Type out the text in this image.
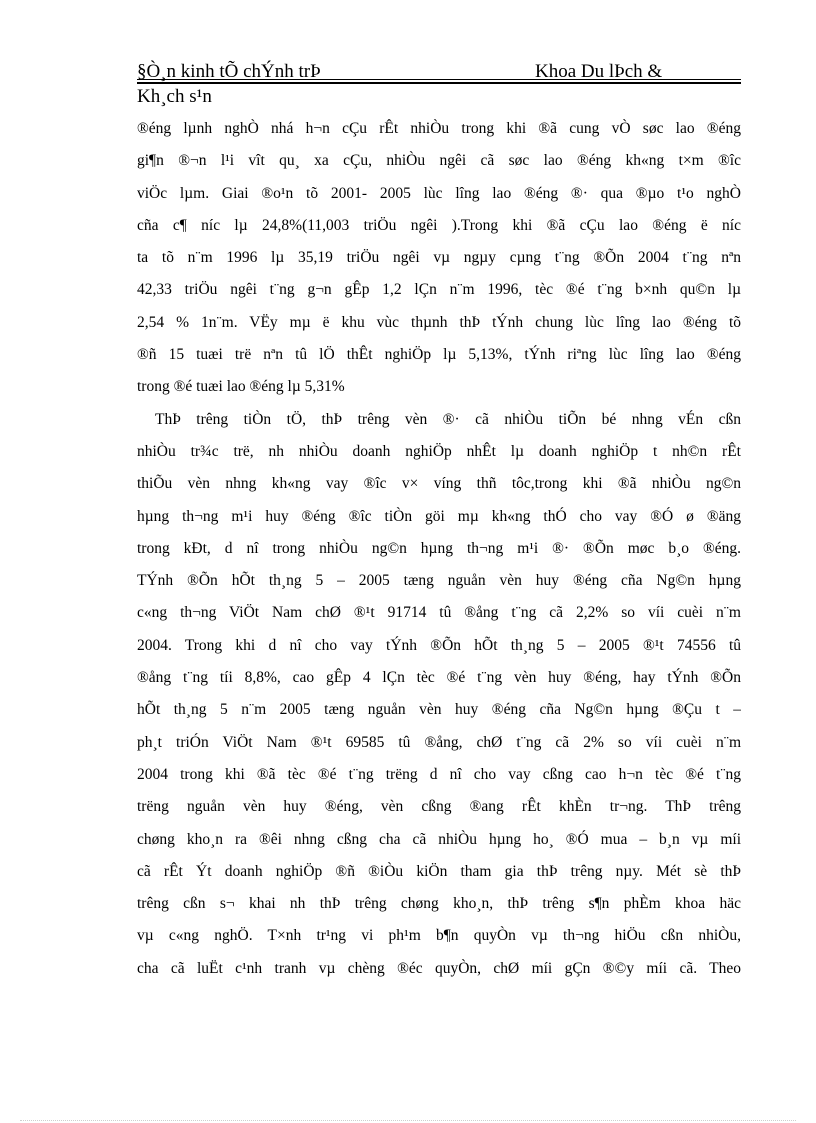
§Ò¸n kinh tÕ chÝnh trÞ	Khoa Du lÞch &
Kh¸ch s¹n
®éng lµnh nghÒ nhá h¬n cÇu rÊt nhiÒu trong khi ®ã cung vÒ søc lao ®éng
gi¶n ®¬n l¹i vît qu¸ xa cÇu, nhiÒu ngêi cã søc lao ®éng kh«ng t×m ®îc
viÖc lµm. Giai ®o¹n tõ 2001- 2005 lùc lîng lao ®éng ®· qua ®µo t¹o nghÒ
cña c¶ níc lµ 24,8%(11,003 triÖu ngêi ).Trong khi ®ã cÇu lao ®éng ë níc
ta tõ n¨m 1996 lµ 35,19 triÖu ngêi vµ ngµy cµng t¨ng ®Õn 2004 t¨ng nªn
42,33 triÖu ngêi t¨ng g¬n gÊp 1,2 lÇn n¨m 1996, tèc ®é t¨ng b×nh qu©n lµ
2,54 % 1n¨m. VËy mµ ë khu vùc thµnh thÞ tÝnh chung lùc lîng lao ®éng tõ
®ñ 15 tuæi trë nªn tû lÖ thÊt nghiÖp lµ 5,13%, tÝnh riªng lùc lîng lao ®éng
trong ®é tuæi lao ®éng lµ 5,31%
ThÞ trêng tiÒn tÖ, thÞ trêng vèn ®· cã nhiÒu tiÕn bé nhng vÉn cßn
nhiÒu tr¾c trë, nh nhiÒu doanh nghiÖp nhÊt lµ doanh nghiÖp t nh©n rÊt
thiÕu vèn nhng kh«ng vay ®îc v× víng thñ tôc,trong khi ®ã nhiÒu ng©n
hµng th¬ng m¹i huy ®éng ®îc tiÒn göi mµ kh«ng thÓ cho vay ®Ó ø ®äng
trong kÐt, d nî trong nhiÒu ng©n hµng th¬ng m¹i ®· ®Õn møc b¸o ®éng.
TÝnh ®Õn hÕt th¸ng 5 – 2005 tæng nguån vèn huy ®éng cña Ng©n hµng
c«ng th¬ng ViÖt Nam chØ ®¹t 91714 tû ®ång t¨ng cã 2,2% so víi cuèi n¨m
2004. Trong khi d nî cho vay tÝnh ®Õn hÕt th¸ng 5 – 2005 ®¹t 74556 tû
®ång t¨ng tíi 8,8%, cao gÊp 4 lÇn tèc ®é t¨ng vèn huy ®éng, hay tÝnh ®Õn
hÕt th¸ng 5 n¨m 2005 tæng nguån vèn huy ®éng cña Ng©n hµng ®Çu t –
ph¸t triÓn ViÖt Nam ®¹t 69585 tû ®ång, chØ t¨ng cã 2% so víi cuèi n¨m
2004 trong khi ®ã tèc ®é t¨ng trëng d nî cho vay cßng cao h¬n tèc ®é t¨ng
trëng nguån vèn huy ®éng, vèn cßng ®ang rÊt khÈn tr¬ng. ThÞ trêng
chøng kho¸n ra ®êi nhng cßng cha cã nhiÒu hµng ho¸ ®Ó mua – b¸n vµ míi
cã rÊt Ýt doanh nghiÖp ®ñ ®iÒu kiÖn tham gia thÞ trêng nµy. Mét sè thÞ
trêng cßn s¬ khai nh thÞ trêng chøng kho¸n, thÞ trêng s¶n phÈm khoa häc
vµ c«ng nghÖ. T×nh tr¹ng vi ph¹m b¶n quyÒn vµ th¬ng hiÖu cßn nhiÒu,
cha cã luËt c¹nh tranh vµ chèng ®éc quyÒn, chØ míi gÇn ®©y míi cã. Theo
